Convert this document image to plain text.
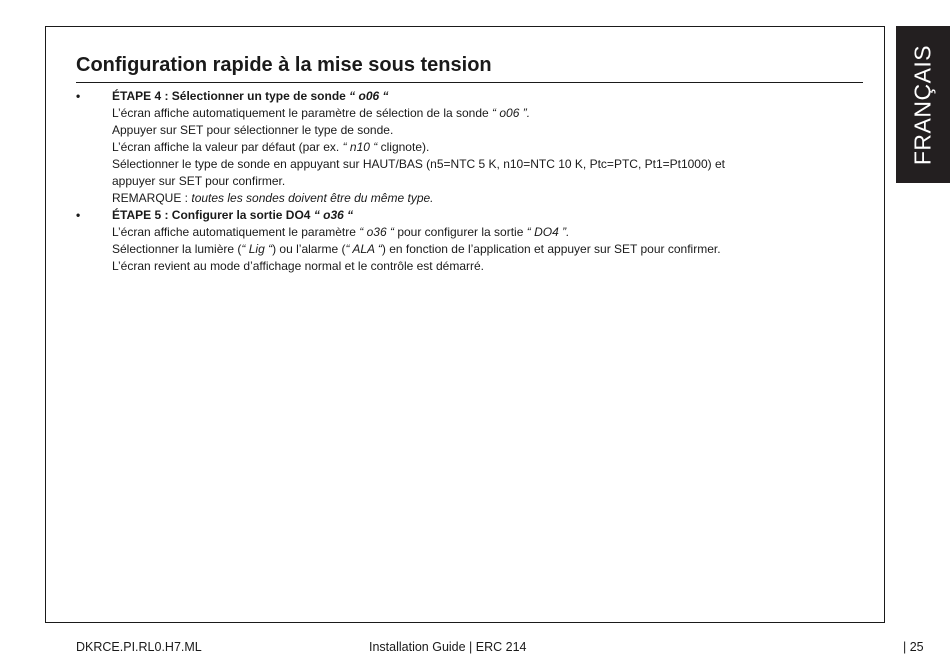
FRANÇAIS
Configuration rapide à la mise sous tension
•	ÉTAPE 4 : Sélectionner un type de sonde “ o06 “
L’écran affiche automatiquement le paramètre de sélection de la sonde “ o06 ”.
Appuyer sur SET pour sélectionner le type de sonde.
L’écran affiche la valeur par défaut (par ex. “ n10 “ clignote).
Sélectionner le type de sonde en appuyant sur HAUT/BAS (n5=NTC 5 K, n10=NTC 10 K, Ptc=PTC, Pt1=Pt1000) et
appuyer sur SET pour confirmer.
REMARQUE : toutes les sondes doivent être du même type.
•	ÉTAPE 5 : Configurer la sortie DO4 “ o36 “
L’écran affiche automatiquement le paramètre “ o36 “ pour configurer la sortie “ DO4 ”.
Sélectionner la lumière (“ Lig “) ou l’alarme (“ ALA “) en fonction de l’application et appuyer sur SET pour confirmer.
L’écran revient au mode d’affichage normal et le contrôle est démarré.
DKRCE.PI.RL0.H7.ML	Installation Guide | ERC 214	| 25
